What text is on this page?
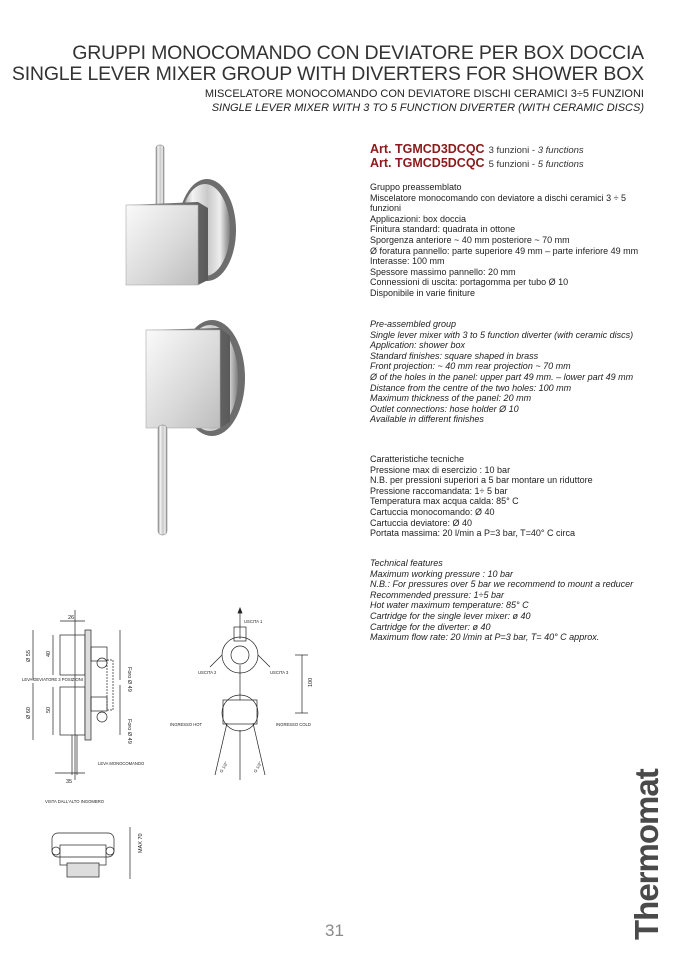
GRUPPI MONOCOMANDO CON DEVIATORE PER BOX DOCCIA
SINGLE LEVER MIXER GROUP WITH DIVERTERS FOR SHOWER BOX
MISCELATORE MONOCOMANDO CON DEVIATORE DISCHI CERAMICI 3÷5 FUNZIONI
SINGLE LEVER MIXER WITH 3 TO 5 FUNCTION DIVERTER (WITH CERAMIC DISCS)
Art. TGMCD3DCQC 3 funzioni - 3 functions
Art. TGMCD5DCQC 5 funzioni - 5 functions
Gruppo preassemblato
Miscelatore monocomando con deviatore a dischi ceramici 3 ÷ 5 funzioni
Applicazioni: box doccia
Finitura standard: quadrata in ottone
Sporgenza anteriore ~ 40 mm posteriore ~ 70 mm
Ø foratura pannello: parte superiore 49 mm – parte inferiore 49 mm
Interasse: 100 mm
Spessore massimo pannello: 20 mm
Connessioni di uscita: portagomma per tubo Ø 10
Disponibile in varie finiture
Pre-assembled group
Single lever mixer with 3 to 5 function diverter (with ceramic discs)
Application: shower box
Standard finishes: square shaped in brass
Front projection: ~ 40 mm rear projection ~ 70 mm
Ø of the holes in the panel: upper part 49 mm. – lower part 49 mm
Distance from the centre of the two holes: 100 mm
Maximum thickness of the panel: 20 mm
Outlet connections: hose holder Ø 10
Available in different finishes
Caratteristiche tecniche
Pressione max di esercizio : 10 bar
N.B. per pressioni superiori a 5 bar montare un riduttore
Pressione raccomandata: 1÷ 5 bar
Temperatura max acqua calda: 85° C
Cartuccia monocomando: Ø 40
Cartuccia deviatore: Ø 40
Portata massima: 20 l/min a P=3 bar, T=40° C circa
Technical features
Maximum working pressure : 10 bar
N.B.: For pressures over 5 bar we recommend to mount a reducer
Recommended pressure: 1÷5 bar
Hot water maximum temperature: 85° C
Cartridge for the single lever mixer: ø 40
Cartridge for the diverter: ø 40
Maximum flow rate: 20 l/min at P=3 bar, T= 40° C approx.
26
40
50
Ø 55
Ø 60
Foro Ø 49
Foro Ø 49
35
LEVA DEVIATORE 3 POSIZIONI
LEVA MONOCOMANDO
VISTA DALL'ALTO INGOMBRO
MAX 70
USCITA 1
USCITA 2	USCITA 3
100
INGRESSO HOT	INGRESSO COLD
G 1/2"	G 1/2"
31	Thermomat
